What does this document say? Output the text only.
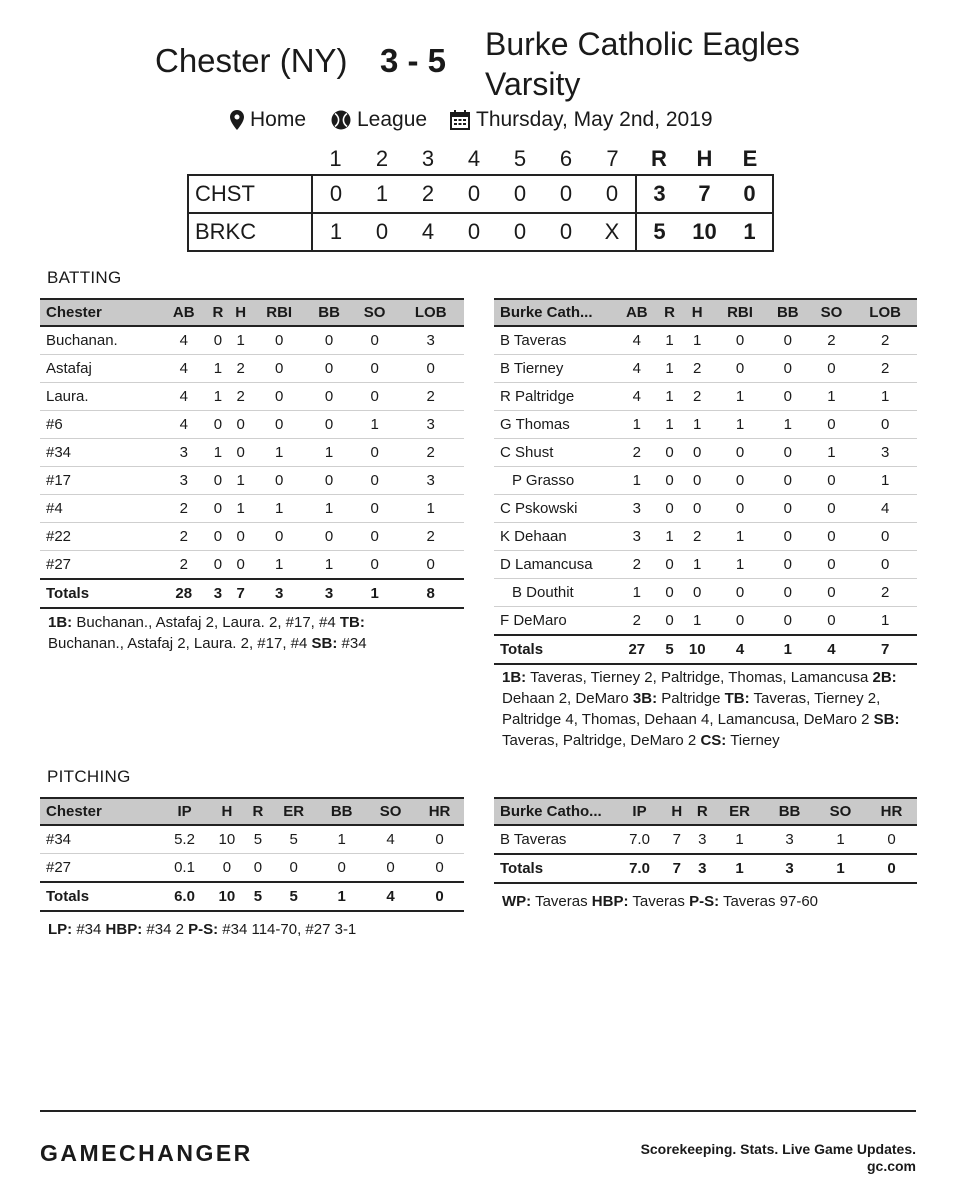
Chester (NY) 3 - 5 Burke Catholic Eagles
Varsity
Home League Thursday, May 2nd, 2019
	1	2	3	4	5	6	7	R	H	E
CHST	0	1	2	0	0	0	0	3	7	0
BRKC	1	0	4	0	0	0	X	5	10	1
BATTING
Chester	AB	R	H	RBI	BB	SO	LOB
Buchanan.	4	0	1	0	0	0	3
Astafaj	4	1	2	0	0	0	0
Laura.	4	1	2	0	0	0	2
#6	4	0	0	0	0	1	3
#34	3	1	0	1	1	0	2
#17	3	0	1	0	0	0	3
#4	2	0	1	1	1	0	1
#22	2	0	0	0	0	0	2
#27	2	0	0	1	1	0	0
Totals	28	3	7	3	3	1	8
Burke Cath...	AB	R	H	RBI	BB	SO	LOB
B Taveras	4	1	1	0	0	2	2
B Tierney	4	1	2	0	0	0	2
R Paltridge	4	1	2	1	0	1	1
G Thomas	1	1	1	1	1	0	0
C Shust	2	0	0	0	0	1	3
P Grasso	1	0	0	0	0	0	1
C Pskowski	3	0	0	0	0	0	4
K Dehaan	3	1	2	1	0	0	0
D Lamancusa	2	0	1	1	0	0	0
B Douthit	1	0	0	0	0	0	2
F DeMaro	2	0	1	0	0	0	1
Totals	27	5	10	4	1	4	7
1B: Buchanan., Astafaj 2, Laura. 2, #17, #4 TB: Buchanan., Astafaj 2, Laura. 2, #17, #4 SB: #34
1B: Taveras, Tierney 2, Paltridge, Thomas, Lamancusa 2B: Dehaan 2, DeMaro 3B: Paltridge TB: Taveras, Tierney 2, Paltridge 4, Thomas, Dehaan 4, Lamancusa, DeMaro 2 SB: Taveras, Paltridge, DeMaro 2 CS: Tierney
PITCHING
Chester	IP	H	R	ER	BB	SO	HR
#34	5.2	10	5	5	1	4	0
#27	0.1	0	0	0	0	0	0
Totals	6.0	10	5	5	1	4	0
Burke Catho...	IP	H	R	ER	BB	SO	HR
B Taveras	7.0	7	3	1	3	1	0
Totals	7.0	7	3	1	3	1	0
LP: #34 HBP: #34 2 P-S: #34 114-70, #27 3-1
WP: Taveras HBP: Taveras P-S: Taveras 97-60
GAMECHANGER	Scorekeeping. Stats. Live Game Updates.
gc.com
